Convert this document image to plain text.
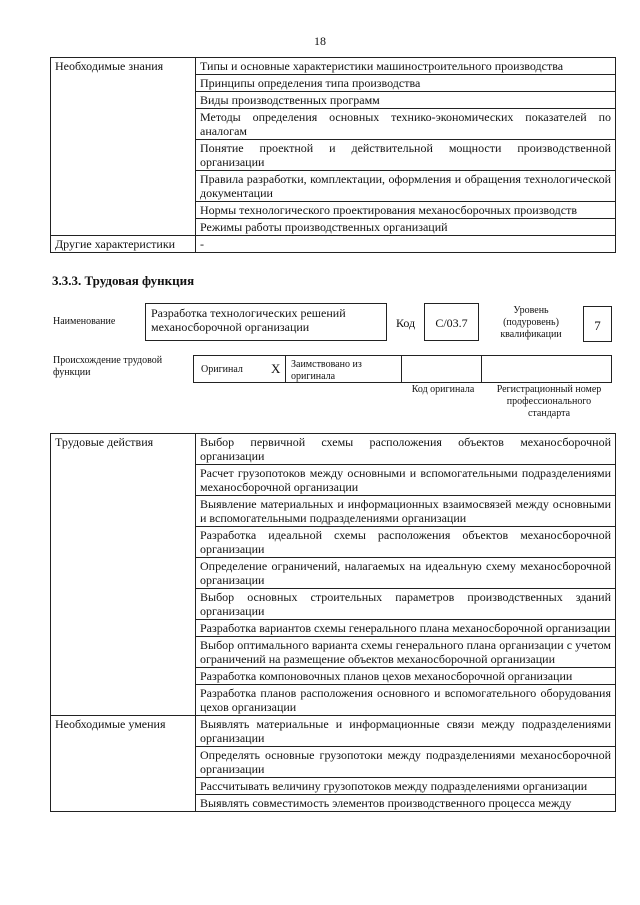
18
Необходимые знания	Типы и основные характеристики машиностроительного производства
	Принципы определения типа производства
	Виды производственных программ
	Методы определения основных технико-экономических показателей по аналогам
	Понятие проектной и действительной мощности производственной организации
	Правила разработки, комплектации, оформления и обращения технологической документации
	Нормы технологического проектирования механосборочных производств
	Режимы работы производственных организаций
Другие характеристики	-
3.3.3. Трудовая функция
Наименование
Разработка технологических решений механосборочной организации	Код	C/03.7
Уровень (подуровень) квалификации
7
Происхождение трудовой функции	Оригинал X Заимствовано из оригинала
Код оригинала	Регистрационный номер профессионального стандарта
Трудовые действия	Выбор первичной схемы расположения объектов механосборочной организации
	Расчет грузопотоков между основными и вспомогательными подразделениями механосборочной организации
	Выявление материальных и информационных взаимосвязей между основными и вспомогательными подразделениями организации
	Разработка идеальной схемы расположения объектов механосборочной организации
	Определение ограничений, налагаемых на идеальную схему механосборочной организации
	Выбор основных строительных параметров производственных зданий организации
	Разработка вариантов схемы генерального плана механосборочной организации
	Выбор оптимального варианта схемы генерального плана организации с учетом ограничений на размещение объектов механосборочной организации
	Разработка компоновочных планов цехов механосборочной организации
	Разработка планов расположения основного и вспомогательного оборудования цехов организации
Необходимые умения	Выявлять материальные и информационные связи между подразделениями организации
	Определять основные грузопотоки между подразделениями механосборочной организации
	Рассчитывать величину грузопотоков между подразделениями организации
	Выявлять совместимость элементов производственного процесса между
